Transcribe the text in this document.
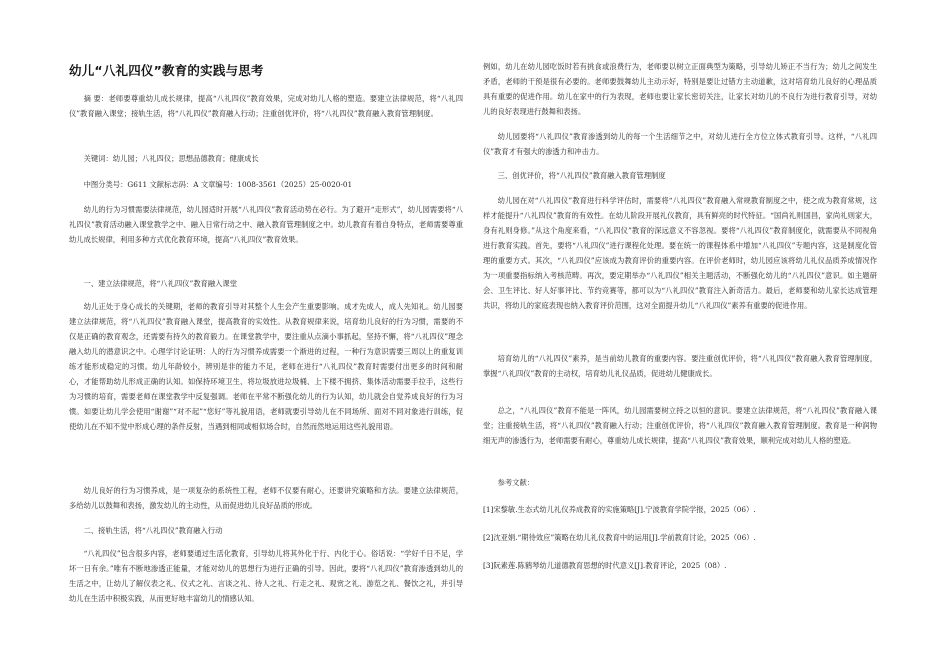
幼儿“八礼四仪”教育的实践与思考

摘 要：老师要尊重幼儿成长规律，提高“八礼四仪”教育效果，完成对幼儿人格的塑造。要建立法律规范，将“八礼四仪”教育融入课堂；接轨生活，将“八礼四仪”教育融入行动；注重创优评价，将“八礼四仪”教育融入教育管理制度。

关键词：幼儿园；八礼四仪；思想品德教育；健康成长

中图分类号：G611 文献标志码：A 文章编号：1008-3561（2025）25-0020-01

幼儿的行为习惯需要法律规范，幼儿园适时开展“八礼四仪”教育活动势在必行。为了避开“走形式”，幼儿园需要将“八礼四仪”教育活动融入课堂教学之中、融入日常行动之中、融入教育管理制度之中。幼儿教育有着自身特点，老师需要尊重幼儿成长规律，利用多种方式优化教育环境，提高“八礼四仪”教育效果。

一、建立法律规范，将“八礼四仪”教育融入课堂

幼儿正处于身心成长的关键期，老师的教育引导对其整个人生会产生重要影响。成才先成人，成人先知礼。幼儿园要建立法律规范，将“八礼四仪”教育融入课堂，提高教育的实效性。从教育规律来说，培育幼儿良好的行为习惯，需要的不仅是正确的教育观念，还需要有持久的教育毅力。在课堂教学中，要注重从点滴小事抓起，坚持不懈，将“八礼四仪”理念融入幼儿的潜意识之中。心理学讨论证明：人的行为习惯养成需要一个渐进的过程，一种行为意识需要三周以上的重复训练才能形成稳定的习惯。幼儿年龄较小，辨别是非的能力不足，老师在进行“八礼四仪”教育时需要付出更多的时间和耐心，才能帮助幼儿形成正确的认知。如保持环境卫生、将垃圾放进垃圾桶、上下楼不拥挤、集体活动需要手拉手，这些行为习惯的培育，需要老师在课堂教学中反复强调。老师在平常不断强化幼儿的行为认知，幼儿就会自觉养成良好的行为习惯。如要让幼儿学会使用“谢谢”“对不起”“您好”等礼貌用语，老师就要引导幼儿在不同场所、面对不同对象进行训练，促使幼儿在不知不觉中形成心理的条件反射，当遇到相同或相似场合时，自然而然地运用这些礼貌用语。

幼儿良好的行为习惯养成，是一项复杂的系统性工程，老师不仅要有耐心，还要讲究策略和方法。要建立法律规范，多给幼儿以鼓舞和表扬，激发幼儿的主动性，从而促进幼儿良好品质的形成。

二、接轨生活，将“八礼四仪”教育融入行动

“八礼四仪”包含很多内容，老师要通过生活化教育，引导幼儿将其外化于行、内化于心。俗话说：“学好千日不足，学坏一日有余。”唯有不断地渗透正能量，才能对幼儿的思想行为进行正确的引导。因此，要将“八礼四仪”教育渗透到幼儿的生活之中，让幼儿了解仪表之礼、仪式之礼、言谈之礼、待人之礼、行走之礼、观赏之礼、游览之礼、餐饮之礼，并引导幼儿在生活中积极实践，从而更好地丰富幼儿的情感认知。

例如，幼儿在幼儿园吃饭时若有挑食或浪费行为，老师要以树立正面典型为策略，引导幼儿矫正不当行为；幼儿之间发生矛盾，老师的干预是很有必要的。老师要鼓舞幼儿主动示好，特别是要让过错方主动道歉，这对培育幼儿良好的心理品质具有重要的促进作用。幼儿在家中的行为表现，老师也要让家长密切关注，让家长对幼儿的不良行为进行教育引导，对幼儿的良好表现进行鼓舞和表扬。

幼儿园要将“八礼四仪”教育渗透到幼儿的每一个生活细节之中，对幼儿进行全方位立体式教育引导。这样，“八礼四仪”教育才有强大的渗透力和冲击力。

三、创优评价，将“八礼四仪”教育融入教育管理制度

幼儿园在对“八礼四仪”教育进行科学评估时，需要将“八礼四仪”教育融入常规教育制度之中，使之成为教育常规，这样才能提升“八礼四仪”教育的有效性。在幼儿阶段开展礼仪教育，具有鲜亮的时代特征。“国尚礼则国昌，家尚礼则家大，身有礼则身修。”从这个角度来看，“八礼四仪”教育的深远意义不容忽视。要将“八礼四仪”教育制度化，就需要从不同视角进行教育实践。首先，要将“八礼四仪”进行课程化处理。要在统一的课程体系中增加“八礼四仪”专题内容，这是制度化管理的重要方式。其次，“八礼四仪”应该成为教育评价的重要内容。在评价老师时，幼儿园应该将幼儿礼仪品质养成情况作为一项重要指标纳入考核范畴。再次，要定期举办“八礼四仪”相关主题活动，不断强化幼儿的“八礼四仪”意识。如主题研会、卫生评比、好人好事评比、节约竞赛等，都可以为“八礼四仪”教育注入新奇活力。最后，老师要和幼儿家长达成管理共识，将幼儿的家庭表现也纳入教育评价范围，这对全面提升幼儿“八礼四仪”素养有重要的促进作用。

培育幼儿的“八礼四仪”素养，是当前幼儿教育的重要内容。要注重创优评价，将“八礼四仪”教育融入教育管理制度，掌握“八礼四仪”教育的主动权，培育幼儿礼仪品质，促进幼儿健康成长。

总之，“八礼四仪”教育不能是一阵风，幼儿园需要树立持之以恒的意识。要建立法律规范，将“八礼四仪”教育融入课堂；注重接轨生活，将“八礼四仪”教育融入行动；注重创优评价，将“八礼四仪”教育融入教育管理制度。教育是一种润物细无声的渗透行为，老师需要有耐心，尊重幼儿成长规律，提高“八礼四仪”教育效果，顺利完成对幼儿人格的塑造。

参考文献：

[1]宋黎敏.生态式幼儿礼仪养成教育的实施策略[J].宁波教育学院学报，2025（06）.

[2]沈亚娟.“期待效应”策略在幼儿礼仪教育中的运用[J].学前教育讨论，2025（06）.

[3]阮素莲.陈鹤琴幼儿道德教育思想的时代意义[J].教育评论，2025（08）.
